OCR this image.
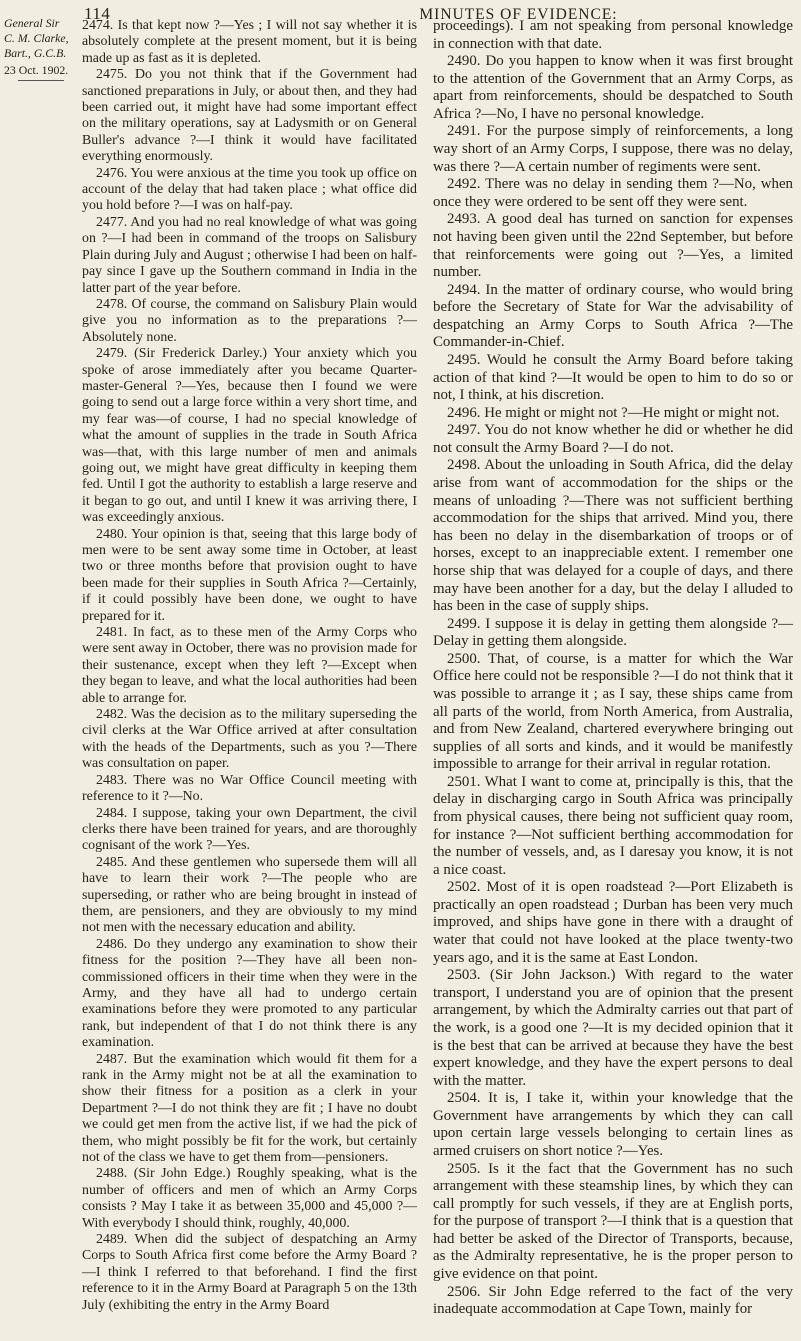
114	MINUTES OF EVIDENCE:
General Sir
C. M. Clarke,
Bart., G.C.B.
23 Oct. 1902.

2474. Is that kept now ?—Yes ; I will not say whether it is absolutely complete at the present moment, but it is being made up as fast as it is depleted.

2475. Do you not think that if the Government had sanctioned preparations in July, or about then, and they had been carried out, it might have had some important effect on the military operations, say at Ladysmith or on General Buller's advance ?—I think it would have facilitated everything enormously.

2476. You were anxious at the time you took up office on account of the delay that had taken place ; what office did you hold before ?—I was on half-pay.

2477. And you had no real knowledge of what was going on ?—I had been in command of the troops on Salisbury Plain during July and August ; otherwise I had been on half-pay since I gave up the Southern command in India in the latter part of the year before.

2478. Of course, the command on Salisbury Plain would give you no information as to the preparations ?—Absolutely none.

2479. (Sir Frederick Darley.) Your anxiety which you spoke of arose immediately after you became Quarter-master-General ?—Yes, because then I found we were going to send out a large force within a very short time, and my fear was—of course, I had no special knowledge of what the amount of supplies in the trade in South Africa was—that, with this large number of men and animals going out, we might have great difficulty in keeping them fed. Until I got the authority to establish a large reserve and it began to go out, and until I knew it was arriving there, I was exceedingly anxious.

2480. Your opinion is that, seeing that this large body of men were to be sent away some time in October, at least two or three months before that provision ought to have been made for their supplies in South Africa ?—Certainly, if it could possibly have been done, we ought to have prepared for it.

2481. In fact, as to these men of the Army Corps who were sent away in October, there was no provision made for their sustenance, except when they left ?—Except when they began to leave, and what the local authorities had been able to arrange for.

2482. Was the decision as to the military superseding the civil clerks at the War Office arrived at after consultation with the heads of the Departments, such as you ?—There was consultation on paper.

2483. There was no War Office Council meeting with reference to it ?—No.

2484. I suppose, taking your own Department, the civil clerks there have been trained for years, and are thoroughly cognisant of the work ?—Yes.

2485. And these gentlemen who supersede them will all have to learn their work ?—The people who are superseding, or rather who are being brought in instead of them, are pensioners, and they are obviously to my mind not men with the necessary education and ability.

2486. Do they undergo any examination to show their fitness for the position ?—They have all been non-commissioned officers in their time when they were in the Army, and they have all had to undergo certain examinations before they were promoted to any particular rank, but independent of that I do not think there is any examination.

2487. But the examination which would fit them for a rank in the Army might not be at all the examination to show their fitness for a position as a clerk in your Department ?—I do not think they are fit ; I have no doubt we could get men from the active list, if we had the pick of them, who might possibly be fit for the work, but certainly not of the class we have to get them from—pensioners.

2488. (Sir John Edge.) Roughly speaking, what is the number of officers and men of which an Army Corps consists ? May I take it as between 35,000 and 45,000 ?—With everybody I should think, roughly, 40,000.

2489. When did the subject of despatching an Army Corps to South Africa first come before the Army Board ?—I think I referred to that beforehand. I find the first reference to it in the Army Board at Paragraph 5 on the 13th July (exhibiting the entry in the Army Board

proceedings). I am not speaking from personal knowledge in connection with that date.

2490. Do you happen to know when it was first brought to the attention of the Government that an Army Corps, as apart from reinforcements, should be despatched to South Africa ?—No, I have no personal knowledge.

2491. For the purpose simply of reinforcements, a long way short of an Army Corps, I suppose, there was no delay, was there ?—A certain number of regiments were sent.

2492. There was no delay in sending them ?—No, when once they were ordered to be sent off they were sent.

2493. A good deal has turned on sanction for expenses not having been given until the 22nd September, but before that reinforcements were going out ?—Yes, a limited number.

2494. In the matter of ordinary course, who would bring before the Secretary of State for War the advisability of despatching an Army Corps to South Africa ?—The Commander-in-Chief.

2495. Would he consult the Army Board before taking action of that kind ?—It would be open to him to do so or not, I think, at his discretion.

2496. He might or might not ?—He might or might not.

2497. You do not know whether he did or whether he did not consult the Army Board ?—I do not.

2498. About the unloading in South Africa, did the delay arise from want of accommodation for the ships or the means of unloading ?—There was not sufficient berthing accommodation for the ships that arrived. Mind you, there has been no delay in the disembarkation of troops or of horses, except to an inappreciable extent. I remember one horse ship that was delayed for a couple of days, and there may have been another for a day, but the delay I alluded to has been in the case of supply ships.

2499. I suppose it is delay in getting them alongside ?—Delay in getting them alongside.

2500. That, of course, is a matter for which the War Office here could not be responsible ?—I do not think that it was possible to arrange it ; as I say, these ships came from all parts of the world, from North America, from Australia, and from New Zealand, chartered everywhere bringing out supplies of all sorts and kinds, and it would be manifestly impossible to arrange for their arrival in regular rotation.

2501. What I want to come at, principally is this, that the delay in discharging cargo in South Africa was principally from physical causes, there being not sufficient quay room, for instance ?—Not sufficient berthing accommodation for the number of vessels, and, as I daresay you know, it is not a nice coast.

2502. Most of it is open roadstead ?—Port Elizabeth is practically an open roadstead ; Durban has been very much improved, and ships have gone in there with a draught of water that could not have looked at the place twenty-two years ago, and it is the same at East London.

2503. (Sir John Jackson.) With regard to the water transport, I understand you are of opinion that the present arrangement, by which the Admiralty carries out that part of the work, is a good one ?—It is my decided opinion that it is the best that can be arrived at because they have the best expert knowledge, and they have the expert persons to deal with the matter.

2504. It is, I take it, within your knowledge that the Government have arrangements by which they can call upon certain large vessels belonging to certain lines as armed cruisers on short notice ?—Yes.

2505. Is it the fact that the Government has no such arrangement with these steamship lines, by which they can call promptly for such vessels, if they are at English ports, for the purpose of transport ?—I think that is a question that had better be asked of the Director of Transports, because, as the Admiralty representative, he is the proper person to give evidence on that point.

2506. Sir John Edge referred to the fact of the very inadequate accommodation at Cape Town, mainly for
